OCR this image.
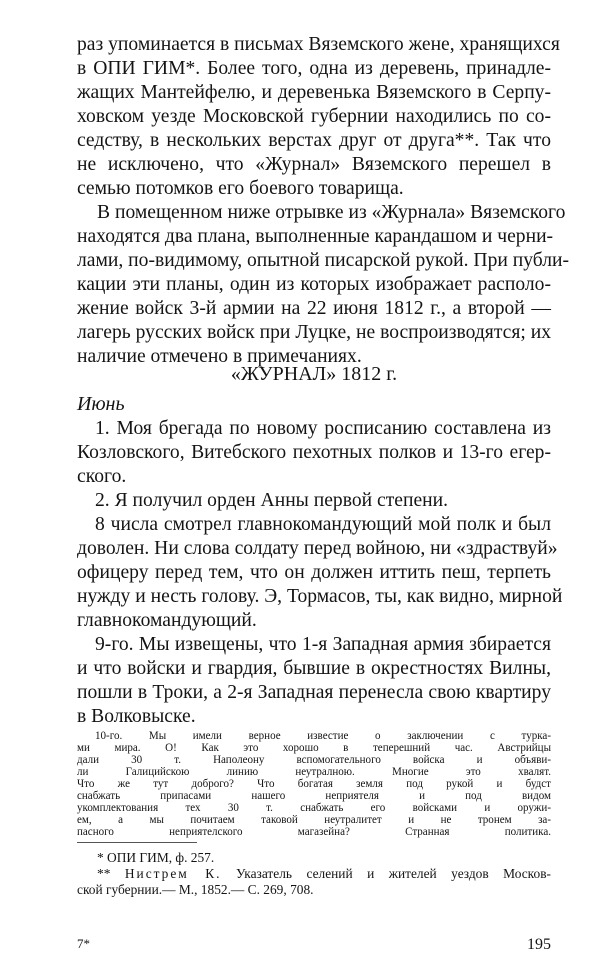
раз упоминается в письмах Вяземского жене, хранящихся
в ОПИ ГИМ*. Более того, одна из деревень, принадле-
жащих Мантейфелю, и деревенька Вяземского в Серпу-
ховском уезде Московской губернии находились по со-
седству, в нескольких верстах друг от друга**. Так что
не исключено, что «Журнал» Вяземского перешел в
семью потомков его боевого товарища.
В помещенном ниже отрывке из «Журнала» Вяземского
находятся два плана, выполненные карандашом и черни-
лами, по-видимому, опытной писарской рукой. При публи-
кации эти планы, один из которых изображает располо-
жение войск 3-й армии на 22 июня 1812 г., а второй —
лагерь русских войск при Луцке, не воспроизводятся; их
наличие отмечено в примечаниях.
«ЖУРНАЛ» 1812 г.
Июнь
1. Моя брегада по новому росписанию составлена из
Козловского, Витебского пехотных полков и 13-го егер-
ского.
2. Я получил орден Анны первой степени.
8 числа смотрел главнокомандующий мой полк и был
доволен. Ни слова солдату перед войною, ни «здраствуй»
офицеру перед тем, что он должен иттить пеш, терпеть
нужду и несть голову. Э, Тормасов, ты, как видно, мирной
главнокомандующий.
9-го. Мы извещены, что 1-я Западная армия збирается
и что войски и гвардия, бывшие в окрестностях Вилны,
пошли в Троки, а 2-я Западная перенесла свою квартиру
в Волковыске.
10-го. Мы имели верное известие о заключении с турка-
ми мира. О! Как это хорошо в теперешний час. Австрийцы
дали 30 т. Наполеону вспомогательного войска и объяви-
ли Галицийскою линию неутралною. Многие это хвалят.
Что же тут доброго? Что богатая земля под рукой и будст
снабжать припасами нашего неприятеля и под видом
укомплектования тех 30 т. снабжать его войсками и оружи-
ем, а мы почитаем таковой неутралитет и не тронем за-
пасного неприятелского магазейна? Странная политика.
* ОПИ ГИМ, ф. 257.
** Нистрем К. Указатель селений и жителей уездов Москов-
ской губернии.— М., 1852.— С. 269, 708.
7*	195
